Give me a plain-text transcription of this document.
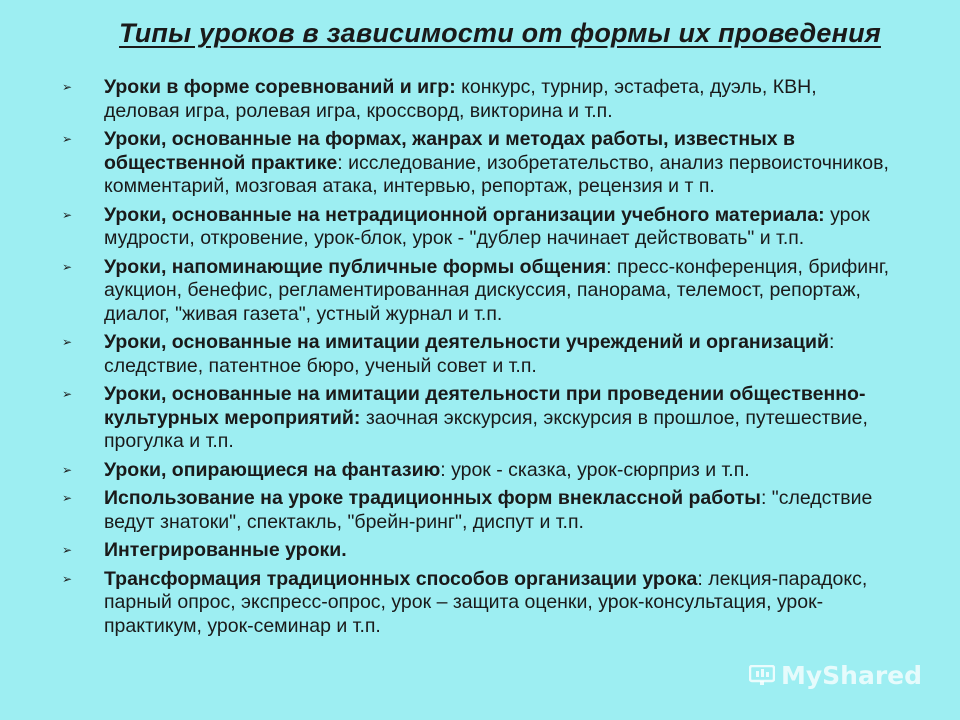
Типы уроков в зависимости от формы их проведения
➢ Уроки в форме соревнований и игр: конкурс, турнир, эстафета, дуэль, КВН, деловая игра, ролевая игра, кроссворд, викторина и т.п.
➢ Уроки, основанные на формах, жанрах и методах работы, известных в общественной практике: исследование, изобретательство, анализ первоисточников, комментарий, мозговая атака, интервью, репортаж, рецензия и т п.
➢ Уроки, основанные на нетрадиционной организации учебного материала: урок мудрости, откровение, урок-блок, урок - "дублер начинает действовать" и т.п.
➢ Уроки, напоминающие публичные формы общения: пресс-конференция, брифинг, аукцион, бенефис, регламентированная дискуссия, панорама, телемост, репортаж, диалог, "живая газета", устный журнал и т.п.
➢ Уроки, основанные на имитации деятельности учреждений и организаций: следствие, патентное бюро, ученый совет и т.п.
➢ Уроки, основанные на имитации деятельности при проведении общественно-культурных мероприятий: заочная экскурсия, экскурсия в прошлое, путешествие, прогулка и т.п.
➢ Уроки, опирающиеся на фантазию: урок - сказка, урок-сюрприз и т.п.
➢ Использование на уроке традиционных форм внеклассной работы: "следствие ведут знатоки", спектакль, "брейн-ринг", диспут и т.п.
➢ Интегрированные уроки.
➢ Трансформация традиционных способов организации урока: лекция-парадокс, парный опрос, экспресс-опрос, урок – защита оценки, урок-консультация, урок-практикум, урок-семинар и т.п.
MyShared
